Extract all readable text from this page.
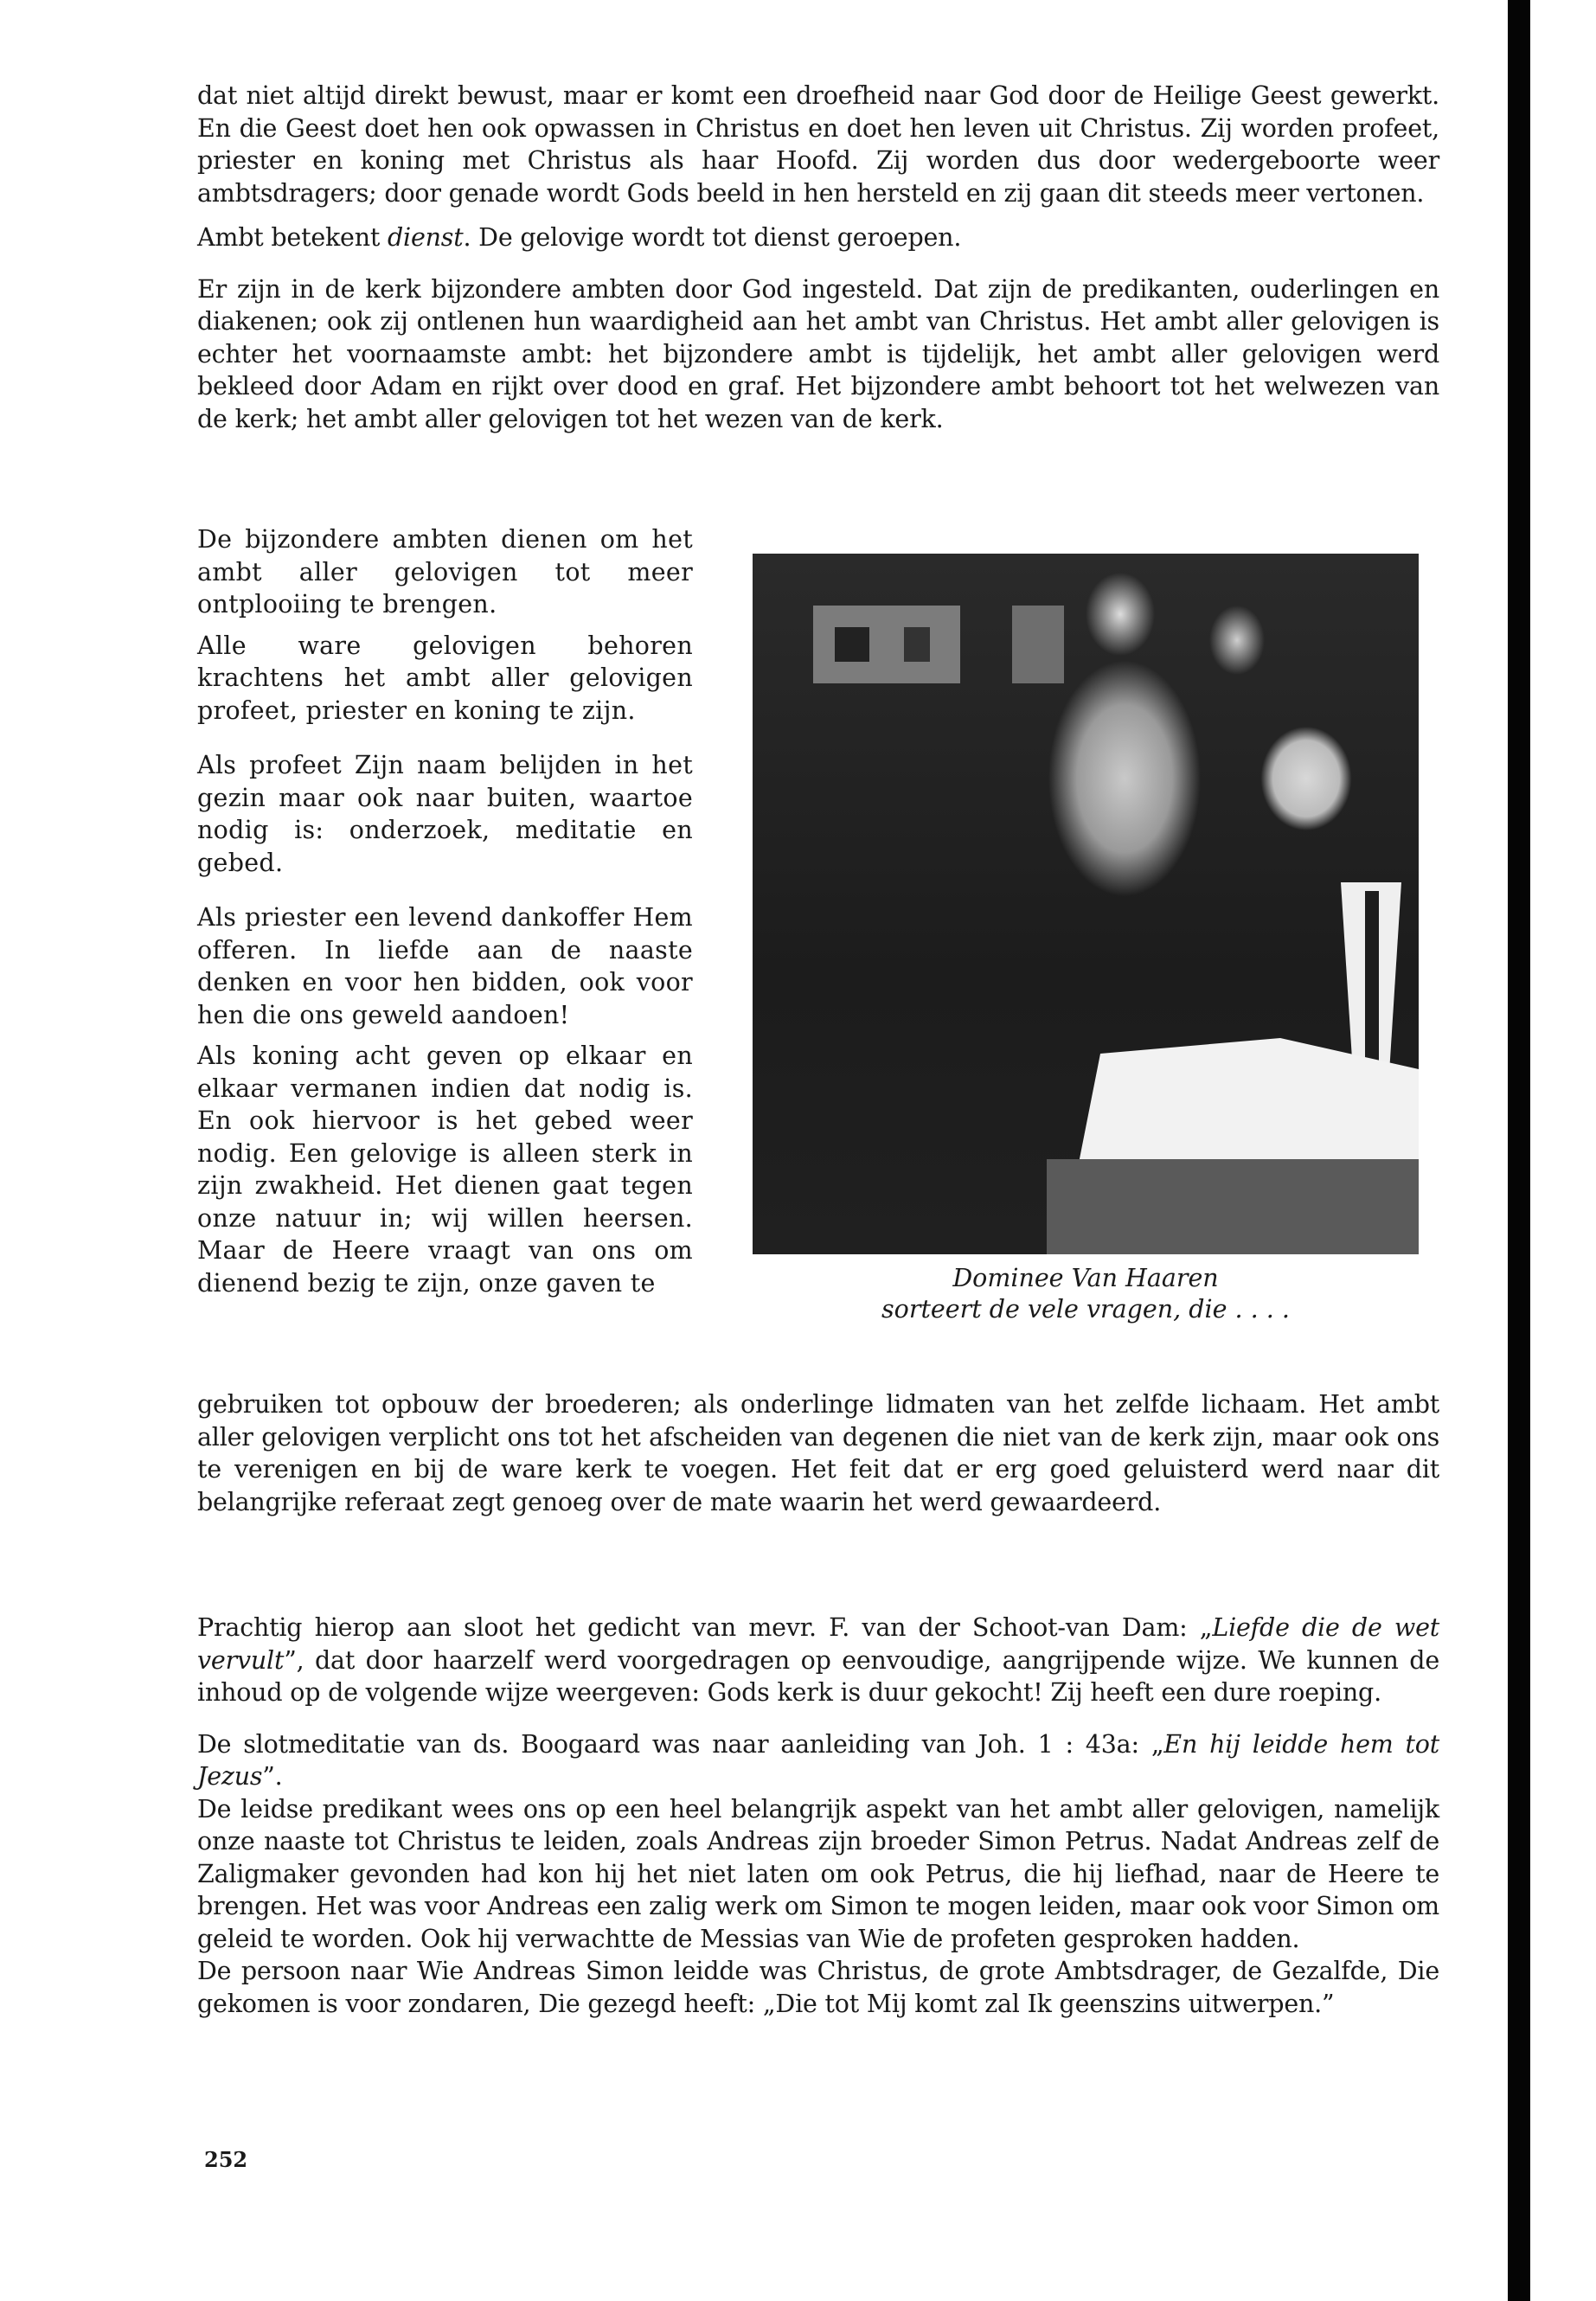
dat niet altijd direkt bewust, maar er komt een droefheid naar God door de Heilige Geest gewerkt. En die Geest doet hen ook opwassen in Christus en doet hen leven uit Christus. Zij worden profeet, priester en koning met Christus als haar Hoofd. Zij worden dus door wedergeboorte weer ambtsdragers; door genade wordt Gods beeld in hen hersteld en zij gaan dit steeds meer vertonen.

Ambt betekent dienst. De gelovige wordt tot dienst geroepen.

Er zijn in de kerk bijzondere ambten door God ingesteld. Dat zijn de predikanten, ouderlingen en diakenen; ook zij ontlenen hun waardigheid aan het ambt van Christus. Het ambt aller gelovigen is echter het voornaamste ambt: het bijzondere ambt is tijdelijk, het ambt aller gelovigen werd bekleed door Adam en rijkt over dood en graf. Het bijzondere ambt behoort tot het welwezen van de kerk; het ambt aller gelovigen tot het wezen van de kerk.

De bijzondere ambten dienen om het ambt aller gelovigen tot meer ontplooiing te brengen.

Alle ware gelovigen behoren krachtens het ambt aller gelovigen profeet, priester en koning te zijn.

Als profeet Zijn naam belijden in het gezin maar ook naar buiten, waartoe nodig is: onderzoek, meditatie en gebed.

Als priester een levend dankoffer Hem offeren. In liefde aan de naaste denken en voor hen bidden, ook voor hen die ons geweld aandoen!

Als koning acht geven op elkaar en elkaar vermanen indien dat nodig is. En ook hiervoor is het gebed weer nodig. Een gelovige is alleen sterk in zijn zwakheid. Het dienen gaat tegen onze natuur in; wij willen heersen. Maar de Heere vraagt van ons om dienend bezig te zijn, onze gaven te	Dominee Van Haaren
sorteert de vele vragen, die . . . .

gebruiken tot opbouw der broederen; als onderlinge lidmaten van het zelfde lichaam. Het ambt aller gelovigen verplicht ons tot het afscheiden van degenen die niet van de kerk zijn, maar ook ons te verenigen en bij de ware kerk te voegen. Het feit dat er erg goed geluisterd werd naar dit belangrijke referaat zegt genoeg over de mate waarin het werd gewaardeerd.

Prachtig hierop aan sloot het gedicht van mevr. F. van der Schoot-van Dam: „Liefde die de wet vervult”, dat door haarzelf werd voorgedragen op eenvoudige, aangrijpende wijze. We kunnen de inhoud op de volgende wijze weergeven: Gods kerk is duur gekocht! Zij heeft een dure roeping.

De slotmeditatie van ds. Boogaard was naar aanleiding van Joh. 1 : 43a: „En hij leidde hem tot Jezus”.

De leidse predikant wees ons op een heel belangrijk aspekt van het ambt aller gelovigen, namelijk onze naaste tot Christus te leiden, zoals Andreas zijn broeder Simon Petrus. Nadat Andreas zelf de Zaligmaker gevonden had kon hij het niet laten om ook Petrus, die hij liefhad, naar de Heere te brengen. Het was voor Andreas een zalig werk om Simon te mogen leiden, maar ook voor Simon om geleid te worden. Ook hij verwachtte de Messias van Wie de profeten gesproken hadden.

De persoon naar Wie Andreas Simon leidde was Christus, de grote Ambtsdrager, de Gezalfde, Die gekomen is voor zondaren, Die gezegd heeft: „Die tot Mij komt zal Ik geenszins uitwerpen.”

252
